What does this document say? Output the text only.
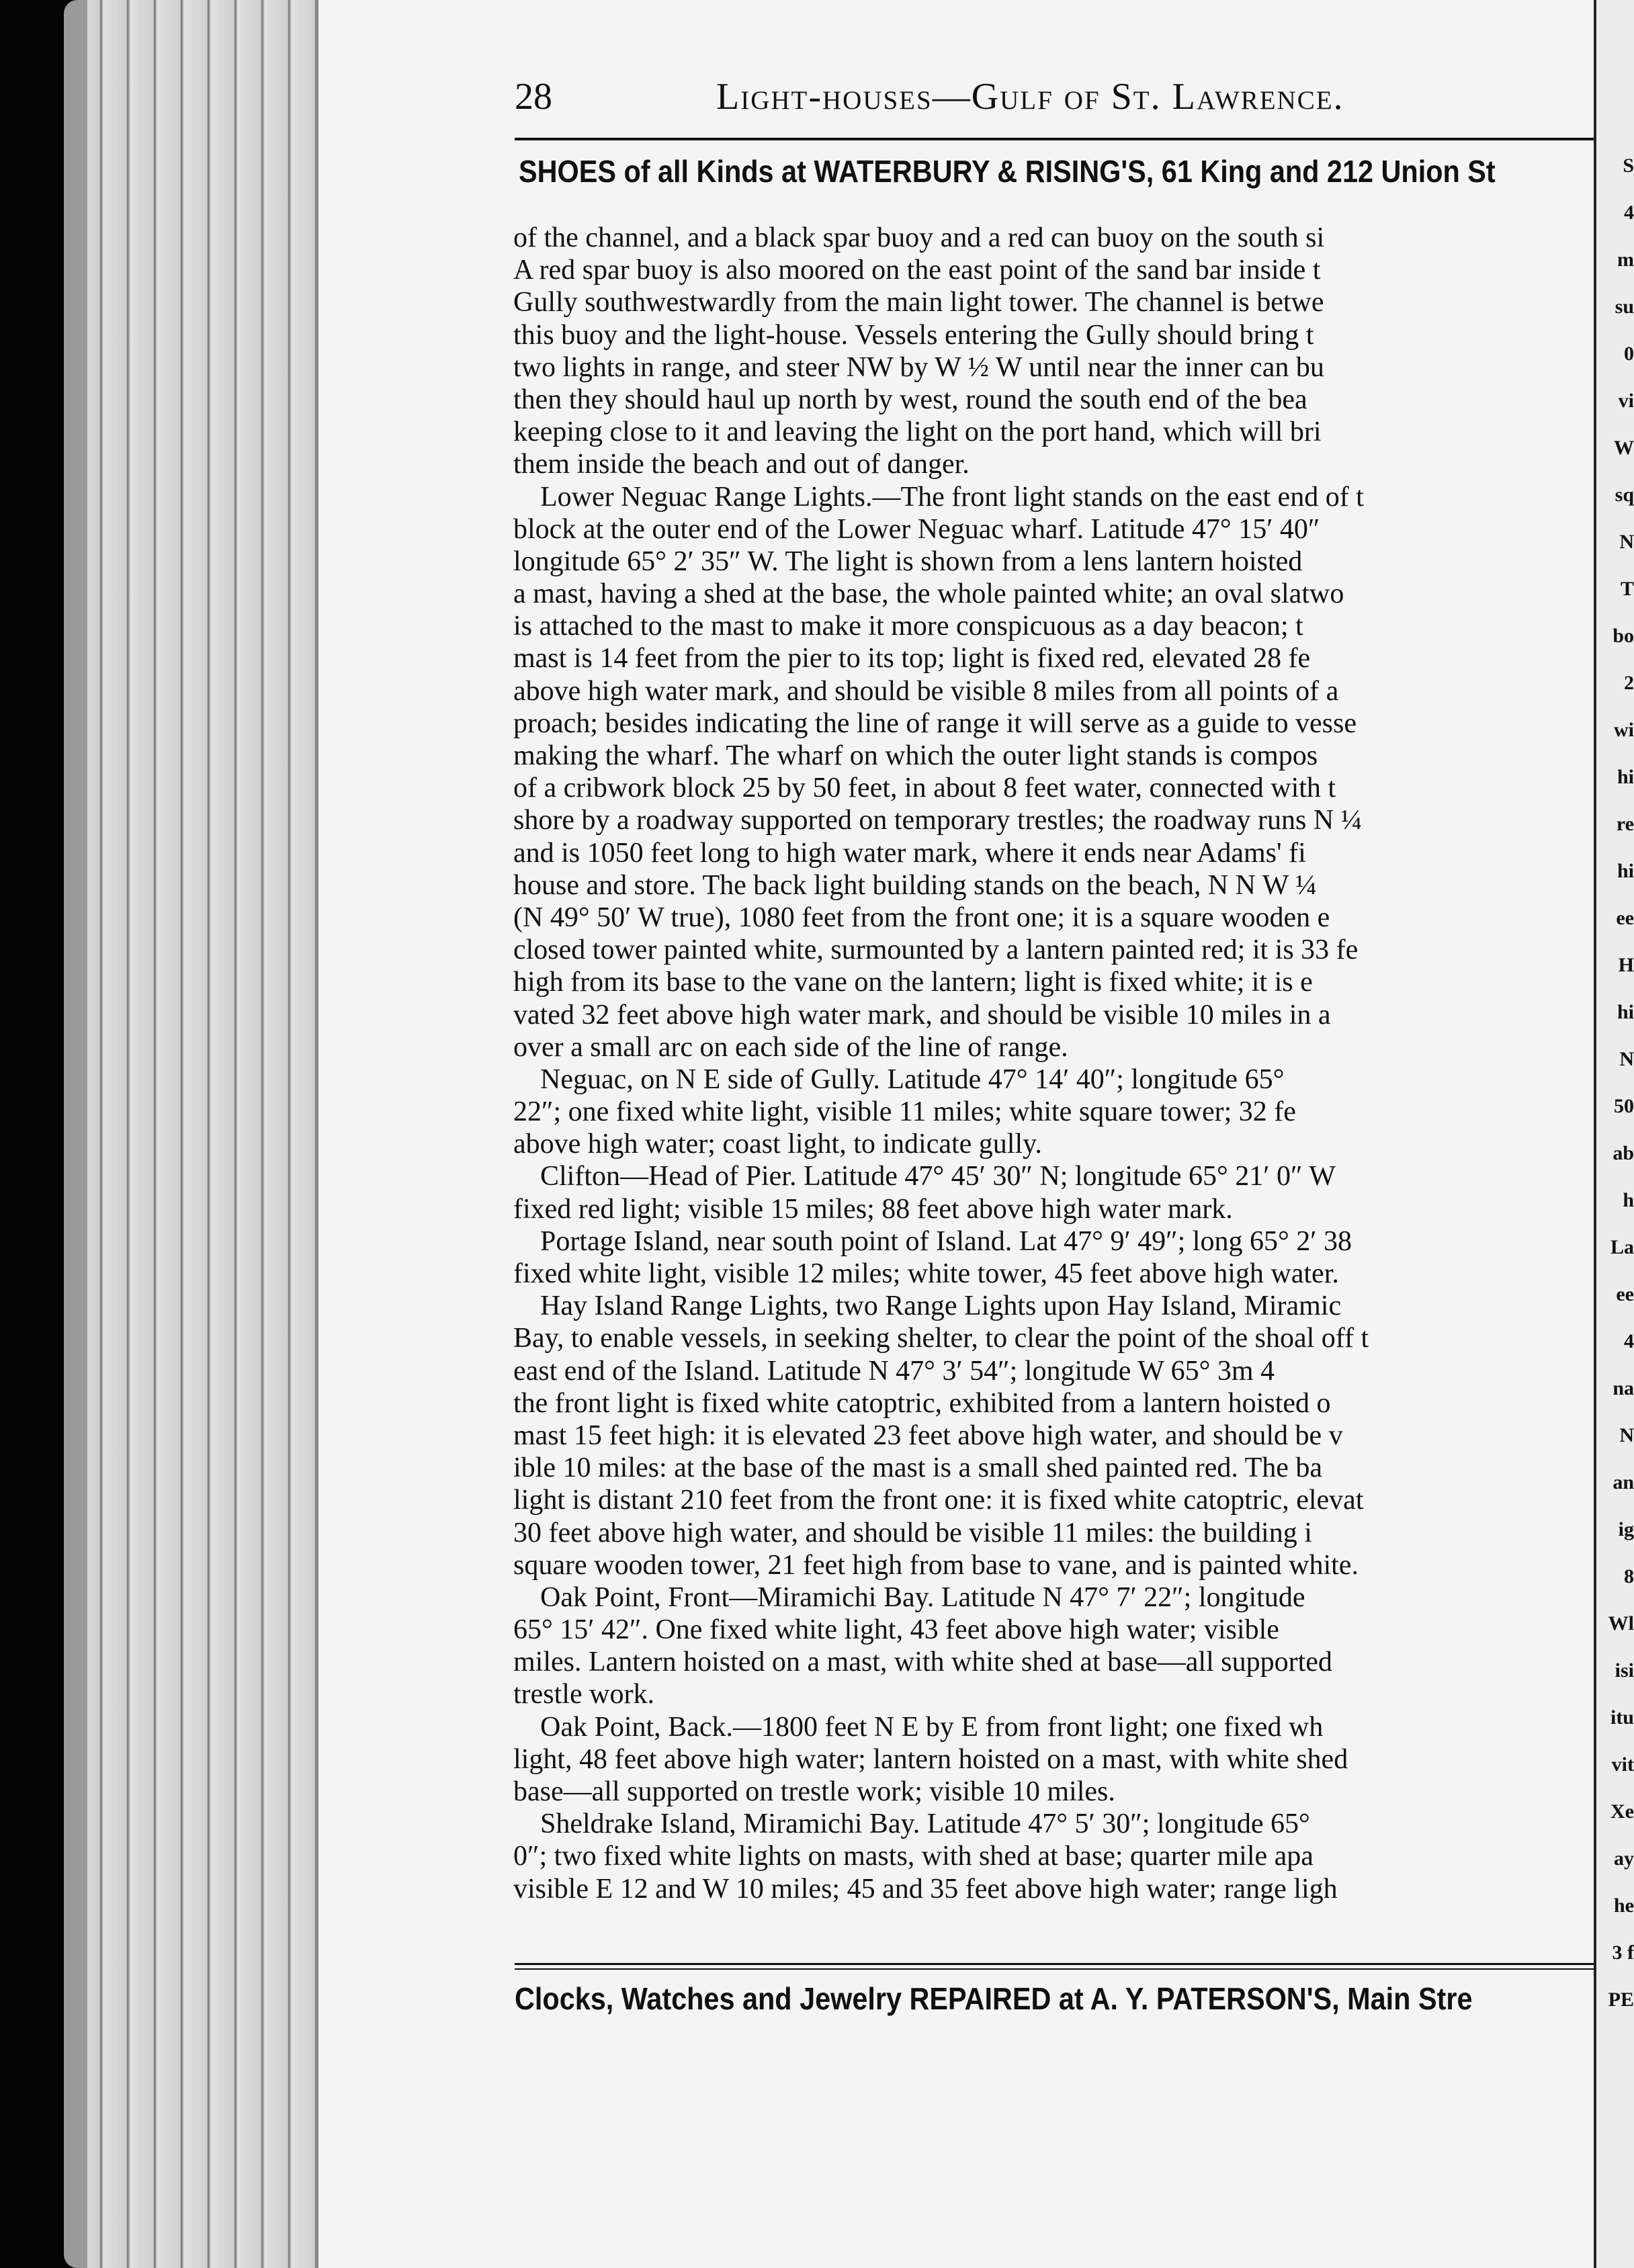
28	Light-houses—Gulf of St. Lawrence.
SHOES of all Kinds at WATERBURY & RISING'S, 61 King and 212 Union St
of the channel, and a black spar buoy and a red can buoy on the south si
A red spar buoy is also moored on the east point of the sand bar inside t
Gully southwestwardly from the main light tower. The channel is betwe
this buoy and the light-house. Vessels entering the Gully should bring t
two lights in range, and steer NW by W ½ W until near the inner can bu
then they should haul up north by west, round the south end of the bea
keeping close to it and leaving the light on the port hand, which will bri
them inside the beach and out of danger.
Lower Neguac Range Lights.—The front light stands on the east end of t
block at the outer end of the Lower Neguac wharf. Latitude 47° 15′ 40″
longitude 65° 2′ 35″ W. The light is shown from a lens lantern hoisted
a mast, having a shed at the base, the whole painted white; an oval slatwo
is attached to the mast to make it more conspicuous as a day beacon; t
mast is 14 feet from the pier to its top; light is fixed red, elevated 28 fe
above high water mark, and should be visible 8 miles from all points of a
proach; besides indicating the line of range it will serve as a guide to vesse
making the wharf. The wharf on which the outer light stands is compos
of a cribwork block 25 by 50 feet, in about 8 feet water, connected with t
shore by a roadway supported on temporary trestles; the roadway runs N ¼
and is 1050 feet long to high water mark, where it ends near Adams' fi
house and store. The back light building stands on the beach, N N W ¼
(N 49° 50′ W true), 1080 feet from the front one; it is a square wooden e
closed tower painted white, surmounted by a lantern painted red; it is 33 fe
high from its base to the vane on the lantern; light is fixed white; it is e
vated 32 feet above high water mark, and should be visible 10 miles in a
over a small arc on each side of the line of range.
Neguac, on N E side of Gully. Latitude 47° 14′ 40″; longitude 65°
22″; one fixed white light, visible 11 miles; white square tower; 32 fe
above high water; coast light, to indicate gully.
Clifton—Head of Pier. Latitude 47° 45′ 30″ N; longitude 65° 21′ 0″ W
fixed red light; visible 15 miles; 88 feet above high water mark.
Portage Island, near south point of Island. Lat 47° 9′ 49″; long 65° 2′ 38
fixed white light, visible 12 miles; white tower, 45 feet above high water.
Hay Island Range Lights, two Range Lights upon Hay Island, Miramic
Bay, to enable vessels, in seeking shelter, to clear the point of the shoal off t
east end of the Island. Latitude N 47° 3′ 54″; longitude W 65° 3m 4
the front light is fixed white catoptric, exhibited from a lantern hoisted o
mast 15 feet high: it is elevated 23 feet above high water, and should be v
ible 10 miles: at the base of the mast is a small shed painted red. The ba
light is distant 210 feet from the front one: it is fixed white catoptric, elevat
30 feet above high water, and should be visible 11 miles: the building i
square wooden tower, 21 feet high from base to vane, and is painted white.
Oak Point, Front—Miramichi Bay. Latitude N 47° 7′ 22″; longitude
65° 15′ 42″. One fixed white light, 43 feet above high water; visible
miles. Lantern hoisted on a mast, with white shed at base—all supported
trestle work.
Oak Point, Back.—1800 feet N E by E from front light; one fixed wh
light, 48 feet above high water; lantern hoisted on a mast, with white shed
base—all supported on trestle work; visible 10 miles.
Sheldrake Island, Miramichi Bay. Latitude 47° 5′ 30″; longitude 65°
0″; two fixed white lights on masts, with shed at base; quarter mile apa
visible E 12 and W 10 miles; 45 and 35 feet above high water; range ligh
Clocks, Watches and Jewelry REPAIRED at A. Y. PATERSON'S, Main Stre
S
4
m
su
0
vi
W
sq
N
T
bo
2
wi
hi
re
hi
ee
H
hi
N
50
ab
h
La
ee
4
na
N
an
ig
8
Wl
isi
itu
vit
Xe
ay
he
3 f
PE
